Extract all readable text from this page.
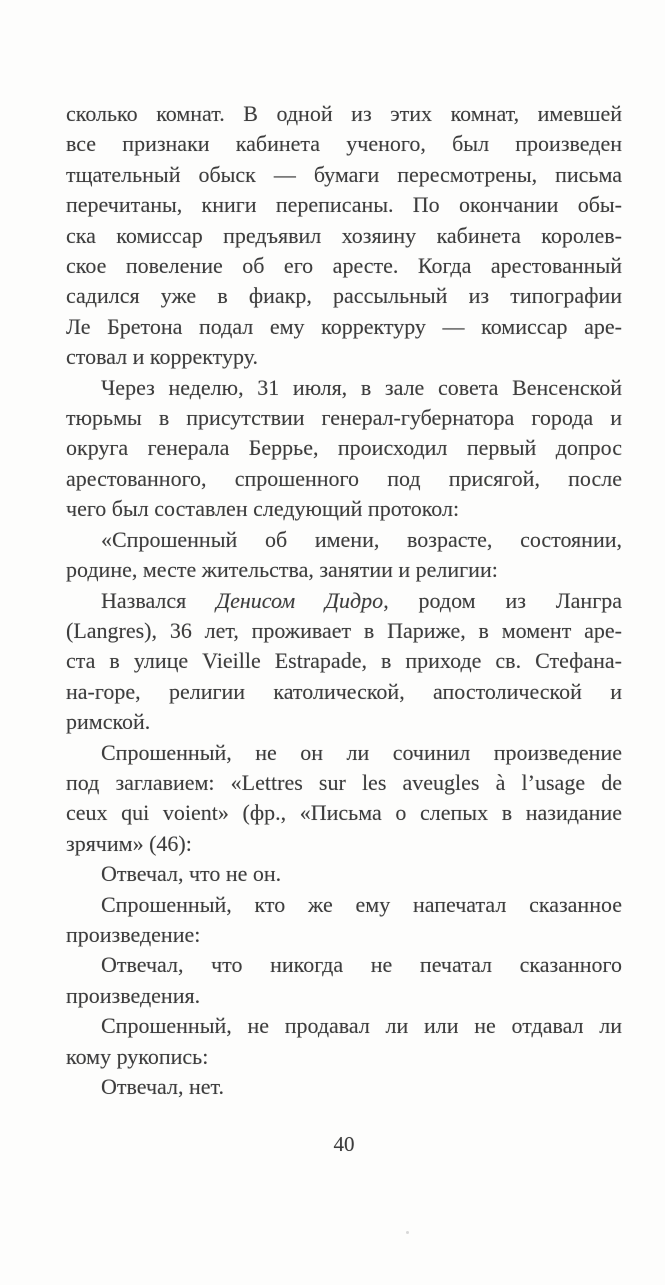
сколько комнат. В одной из этих комнат, имевшей
все признаки кабинета ученого, был произведен
тщательный обыск — бумаги пересмотрены, письма
перечитаны, книги переписаны. По окончании обы-
ска комиссар предъявил хозяину кабинета королев-
ское повеление об его аресте. Когда арестованный
садился уже в фиакр, рассыльный из типографии
Ле Бретона подал ему корректуру — комиссар аре-
стовал и корректуру.
Через неделю, 31 июля, в зале совета Венсенской
тюрьмы в присутствии генерал-губернатора города и
округа генерала Беррье, происходил первый допрос
арестованного, спрошенного под присягой, после
чего был составлен следующий протокол:
«Спрошенный об имени, возрасте, состоянии,
родине, месте жительства, занятии и религии:
Назвался Денисом Дидро, родом из Лангра
(Langres), 36 лет, проживает в Париже, в момент аре-
ста в улице Vieille Estrapade, в приходе св. Стефана-
на-горе, религии католической, апостолической и
римской.
Спрошенный, не он ли сочинил произведение
под заглавием: «Lettres sur les aveugles à l’usage de
ceux qui voient» (фр., «Письма о слепых в назидание
зрячим» (46):
Отвечал, что не он.
Спрошенный, кто же ему напечатал сказанное
произведение:
Отвечал, что никогда не печатал сказанного
произведения.
Спрошенный, не продавал ли или не отдавал ли
кому рукопись:
Отвечал, нет.
40
